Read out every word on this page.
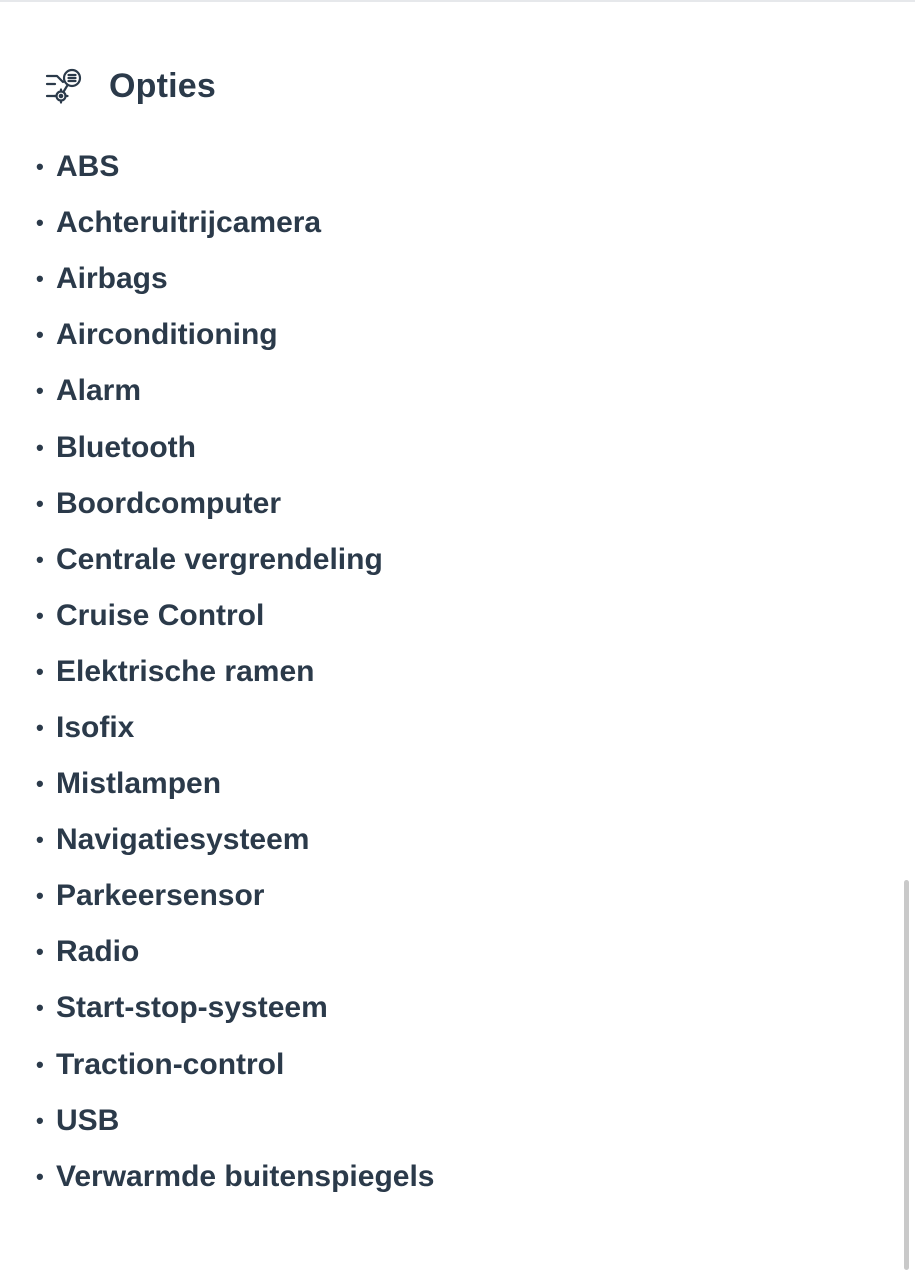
Opties
• ABS
• Achteruitrijcamera
• Airbags
• Airconditioning
• Alarm
• Bluetooth
• Boordcomputer
• Centrale vergrendeling
• Cruise Control
• Elektrische ramen
• Isofix
• Mistlampen
• Navigatiesysteem
• Parkeersensor
• Radio
• Start-stop-systeem
• Traction-control
• USB
• Verwarmde buitenspiegels
